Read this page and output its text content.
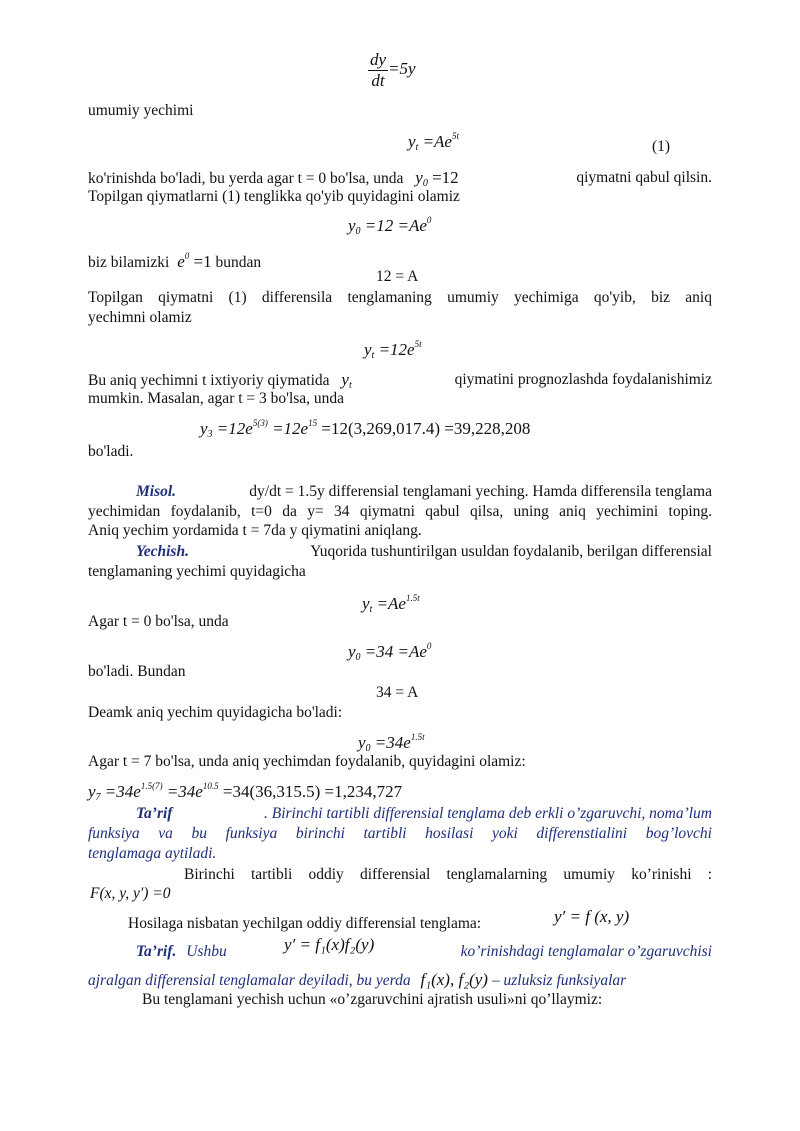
$\frac{dy}{dt} =5y$
umumiy yechimi
$y_t =Ae^{5t}$
(1)
ko'rinishda bo'ladi, bu yerda agar t = 0 bo'lsa, unda $y_0 =12$	qiymatni qabul qilsin.
Topilgan qiymatlarni (1) tenglikka qo'yib quyidagini olamiz
$y_0 =12 =Ae^0$
biz bilamizki $e^0 =1$ bundan
12 = A
Topilgan qiymatni (1) differensila tenglamaning umumiy yechimiga qo'yib, biz aniq
yechimni olamiz
$y_t =12e^{5t}$
Bu aniq yechimni t ixtiyoriy qiymatida $y_t$	qiymatini prognozlashda foydalanishimiz
mumkin. Masalan, agar t = 3 bo'lsa, unda
$y_3 =12e^{5(3)} =12e^{15} =12(3,269,017.4) =39,228,208$
bo'ladi.
Misol.	dy/dt = 1.5y differensial tenglamani yeching. Hamda differensila tenglama
yechimidan foydalanib, t=0 da y= 34 qiymatni qabul qilsa, uning aniq yechimini toping.
Aniq yechim yordamida t = 7da y qiymatini aniqlang.
Yechish.	Yuqorida tushuntirilgan usuldan foydalanib, berilgan differensial
tenglamaning yechimi quyidagicha
$y_t =Ae^{1.5t}$
Agar t = 0 bo'lsa, unda
$y_0 =34 =Ae^0$
bo'ladi. Bundan
34 = A
Deamk aniq yechim quyidagicha bo'ladi:
$y_0 =34e^{1.5t}$
Agar t = 7 bo'lsa, unda aniq yechimdan foydalanib, quyidagini olamiz:
$y_7 =34e^{1.5(7)} =34e^{10.5} =34(36,315.5) =1,234,727$
Ta’rif	. Birinchi tartibli differensial tenglama deb erkli o’zgaruvchi, noma’lum
funksiya va bu funksiya birinchi tartibli hosilasi yoki differenstialini bog’lovchi
tenglamaga aytiladi.
Birinchi tartibli oddiy differensial tenglamalarning umumiy ko’rinishi :
F(x, y, y′) =0
Hosilaga nisbatan yechilgan oddiy differensial tenglama:	y′ = f (x, y)
Ta’rif. Ushbu	y′ = f₁(x)f₂(y)	ko’rinishdagi tenglamalar o’zgaruvchisi
ajralgan differensial tenglamalar deyiladi, bu yerda f₁(x), f₂(y) – uzluksiz funksiyalar
Bu tenglamani yechish uchun «o’zgaruvchini ajratish usuli»ni qo’llaymiz:
